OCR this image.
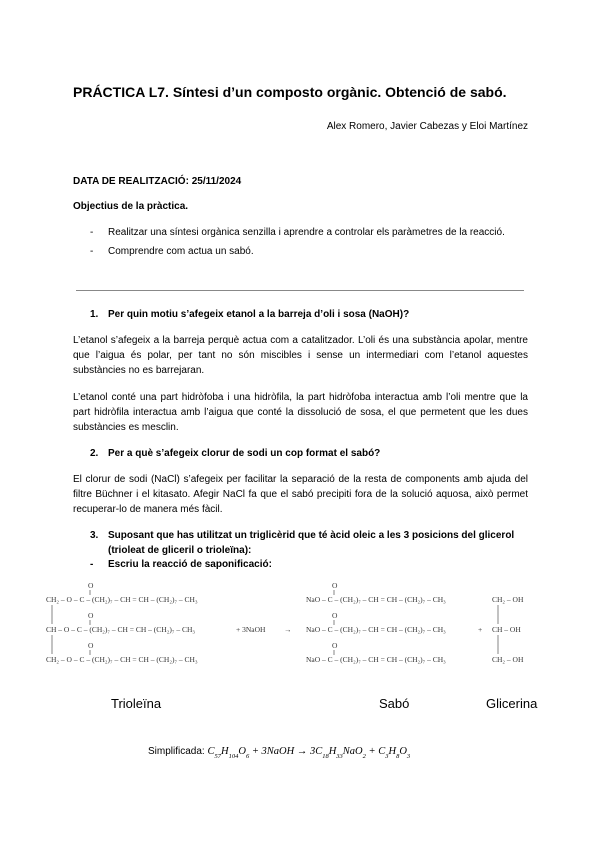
PRÁCTICA L7. Síntesi d’un composto orgànic. Obtenció de sabó.
Alex Romero, Javier Cabezas y Eloi Martínez
DATA DE REALITZACIÓ: 25/11/2024
Objectius de la pràctica.
-	Realitzar una síntesi orgànica senzilla i aprendre a controlar els paràmetres de la reacció.
-	Comprendre com actua un sabó.
1. Per quin motiu s’afegeix etanol a la barreja d’oli i sosa (NaOH)?
L’etanol s’afegeix a la barreja perquè actua com a catalitzador. L’oli és una substància apolar, mentre que l’aigua és polar, per tant no són miscibles i sense un intermediari com l’etanol aquestes substàncies no es barrejaran.
L’etanol conté una part hidròfoba i una hidròfila, la part hidròfoba interactua amb l’oli mentre que la part hidròfila interactua amb l’aigua que conté la dissolució de sosa, el que permetent que les dues substàncies es mesclin.
2. Per a què s’afegeix clorur de sodi un cop format el sabó?
El clorur de sodi (NaCl) s’afegeix per facilitar la separació de la resta de components amb ajuda del filtre Büchner i el kitasato. Afegir NaCl fa que el sabó precipiti fora de la solució aquosa, això permet recuperar-lo de manera més fàcil.
3. Suposant que has utilitzat un triglicèrid que té àcid oleic a les 3 posicions del glicerol (trioleat de gliceril o trioleïna):
-	Escriu la reacció de saponificació:
O
CH₂ – O – C – (CH₂)₇ – CH = CH – (CH₂)₇ – CH₃
O
CH – O – C – (CH₂)₇ – CH = CH – (CH₂)₇ – CH₃
O
CH₂ – O – C – (CH₂)₇ – CH = CH – (CH₂)₇ – CH₃
+ 3NaOH →
O
NaO – C – (CH₂)₇ – CH = CH – (CH₂)₇ – CH₃
O
NaO – C – (CH₂)₇ – CH = CH – (CH₂)₇ – CH₃
O
NaO – C – (CH₂)₇ – CH = CH – (CH₂)₇ – CH₃
+
CH₂ – OH
CH – OH
CH₂ – OH
Trioleïna	Sabó	Glicerina
Simplificada: $C_{57}H_{104}O_6$ + 3NaOH → $3C_{18}H_{33}NaO_2 + C_3H_8O_3$
